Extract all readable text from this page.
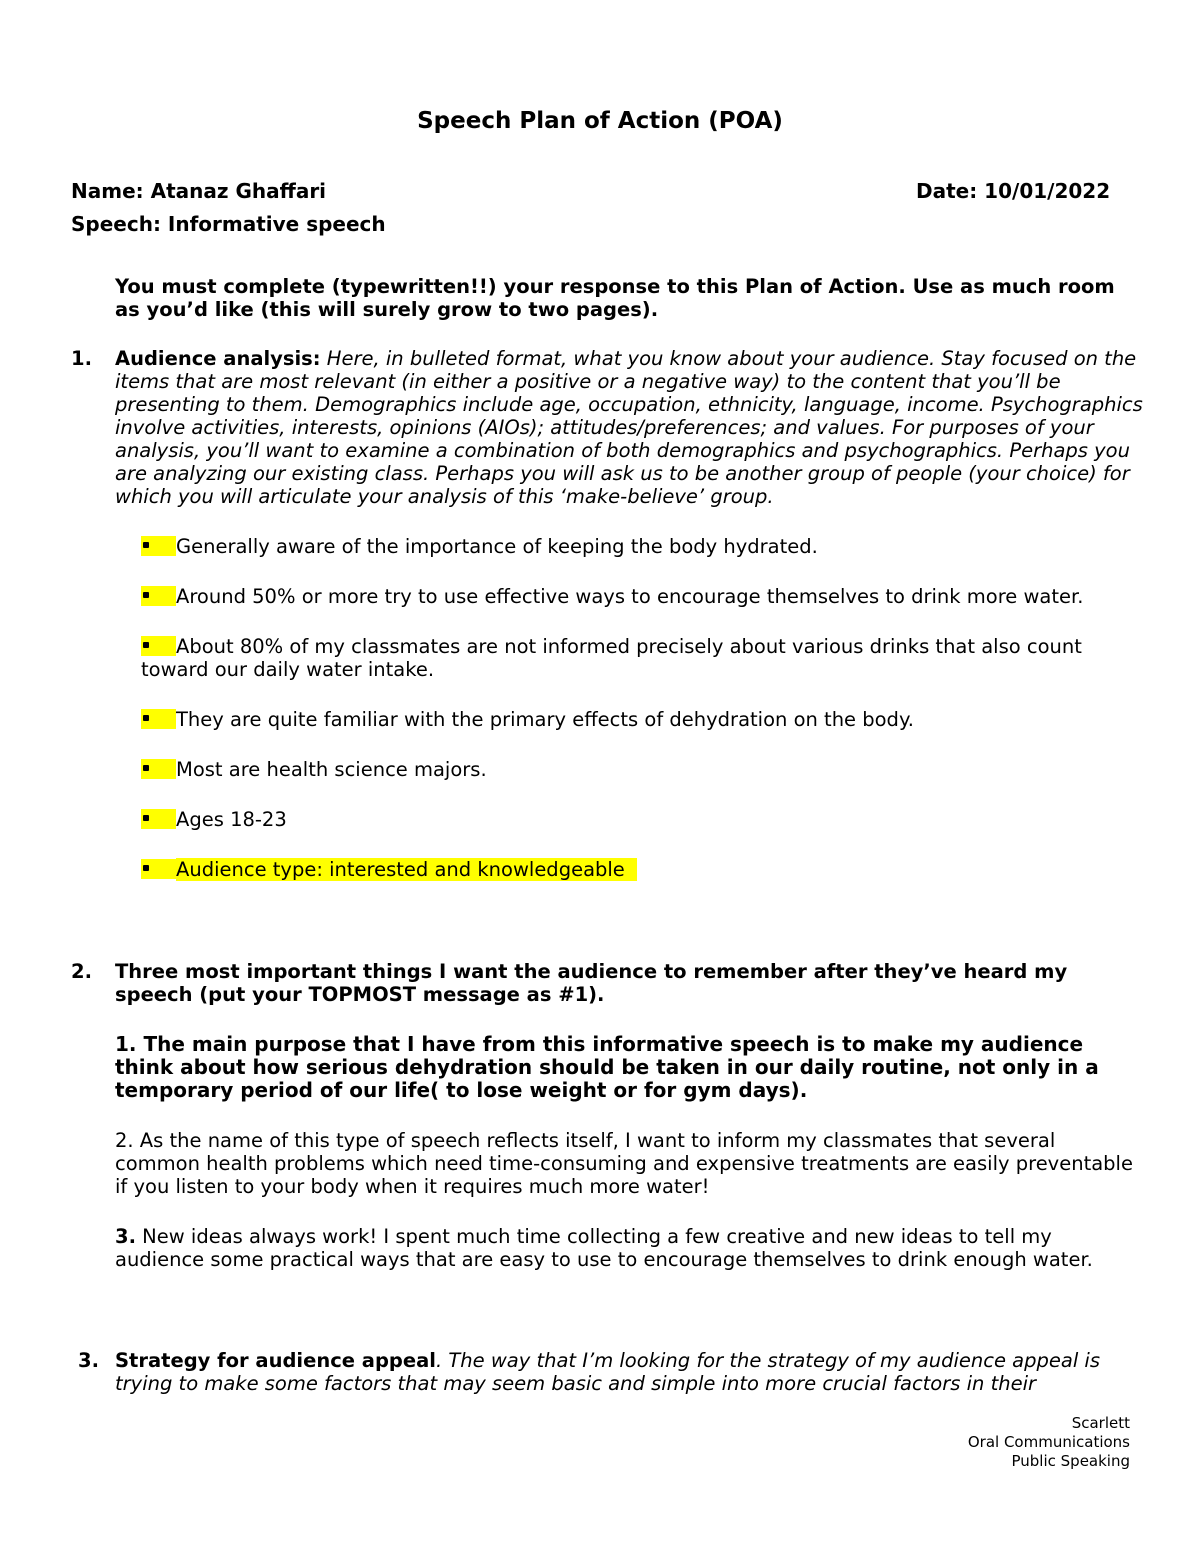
Speech Plan of Action (POA)
Name: Atanaz Ghaffari	Date: 10/01/2022
Speech: Informative speech
You must complete (typewritten!!) your response to this Plan of Action. Use as much room as you’d like (this will surely grow to two pages).
1. Audience analysis: Here, in bulleted format, what you know about your audience. Stay focused on the items that are most relevant (in either a positive or a negative way) to the content that you’ll be presenting to them. Demographics include age, occupation, ethnicity, language, income. Psychographics involve activities, interests, opinions (AIOs); attitudes/preferences; and values. For purposes of your analysis, you’ll want to examine a combination of both demographics and psychographics. Perhaps you are analyzing our existing class. Perhaps you will ask us to be another group of people (your choice) for which you will articulate your analysis of this ‘make-believe’ group.
Generally aware of the importance of keeping the body hydrated.
Around 50% or more try to use effective ways to encourage themselves to drink more water.
About 80% of my classmates are not informed precisely about various drinks that also count toward our daily water intake.
They are quite familiar with the primary effects of dehydration on the body.
Most are health science majors.
Ages 18-23
Audience type: interested and knowledgeable
2. Three most important things I want the audience to remember after they’ve heard my speech (put your TOPMOST message as #1).
1. The main purpose that I have from this informative speech is to make my audience think about how serious dehydration should be taken in our daily routine, not only in a temporary period of our life( to lose weight or for gym days).
2. As the name of this type of speech reflects itself, I want to inform my classmates that several common health problems which need time-consuming and expensive treatments are easily preventable if you listen to your body when it requires much more water!
3. New ideas always work! I spent much time collecting a few creative and new ideas to tell my audience some practical ways that are easy to use to encourage themselves to drink enough water.
3. Strategy for audience appeal. The way that I’m looking for the strategy of my audience appeal is trying to make some factors that may seem basic and simple into more crucial factors in their
Scarlett
Oral Communications
Public Speaking
